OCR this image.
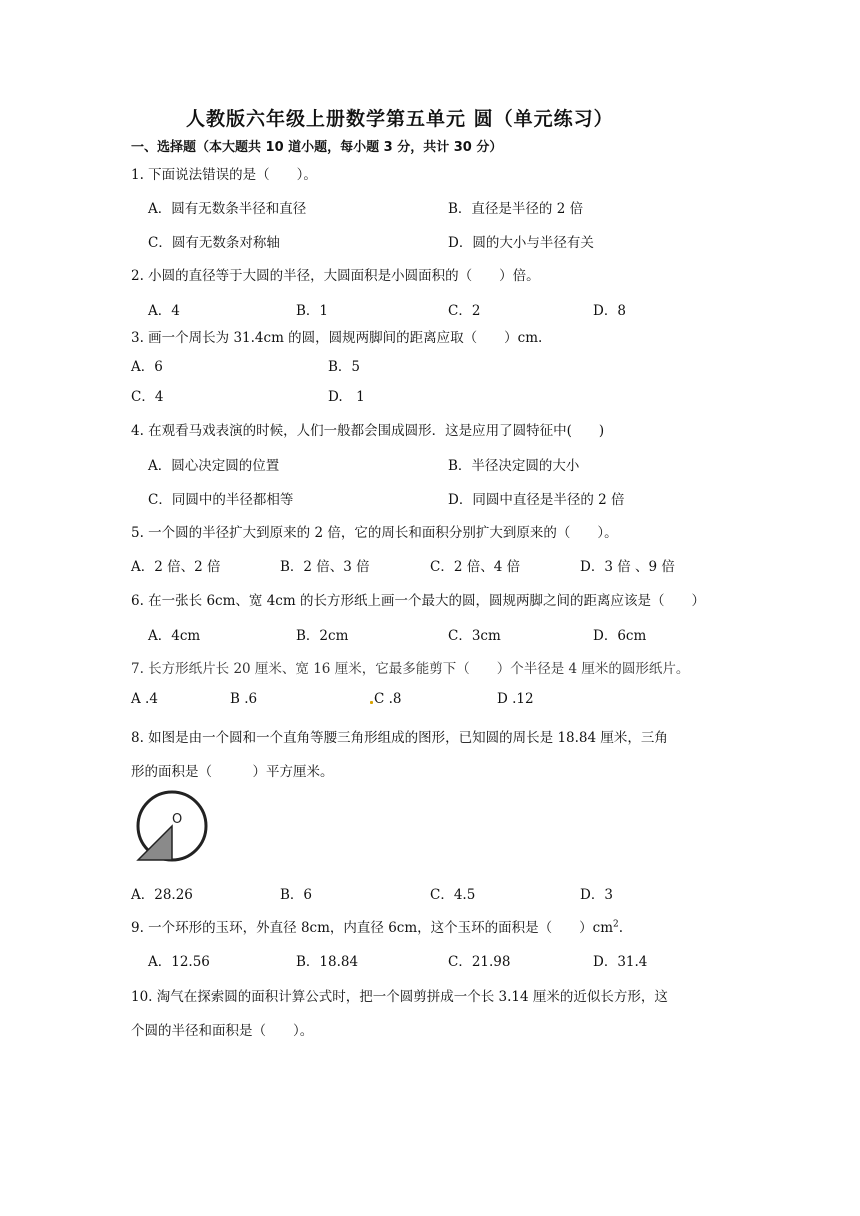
人教版六年级上册数学第五单元 圆（单元练习）
一、选择题（本大题共 10 道小题，每小题 3 分，共计 30 分）
1. 下面说法错误的是（　　）。
A．圆有无数条半径和直径	B．直径是半径的 2 倍
C．圆有无数条对称轴	D．圆的大小与半径有关
2. 小圆的直径等于大圆的半径，大圆面积是小圆面积的（　　）倍。
A．4	B．1	C．2	D．8
3. 画一个周长为 31.4cm 的圆，圆规两脚间的距离应取（　　）cm.
A．6	B．5
C．4	D.　1
4. 在观看马戏表演的时候，人们一般都会围成圆形．这是应用了圆特征中(　　)
A．圆心决定圆的位置	B．半径决定圆的大小
C．同圆中的半径都相等	D．同圆中直径是半径的 2 倍
5. 一个圆的半径扩大到原来的 2 倍，它的周长和面积分别扩大到原来的（　　）。
A．2 倍、2 倍	B．2 倍、3 倍	C．2 倍、4 倍	D．3 倍 、9 倍
6. 在一张长 6cm、宽 4cm 的长方形纸上画一个最大的圆，圆规两脚之间的距离应该是（　　）
A．4cm	B．2cm	C．3cm	D．6cm
7. 长方形纸片长 20 厘米、宽 16 厘米，它最多能剪下（　　）个半径是 4 厘米的圆形纸片。
A .4	B .6	C .8	D .12
8. 如图是由一个圆和一个直角等腰三角形组成的图形，已知圆的周长是 18.84 厘米，三角
形的面积是（　　　）平方厘米。
O
A．28.26	B．6	C．4.5	D．3
9. 一个环形的玉环，外直径 8cm，内直径 6cm，这个玉环的面积是（　　）$cm^2$.
A．12.56	B．18.84	C．21.98	D．31.4
10. 淘气在探索圆的面积计算公式时，把一个圆剪拼成一个长 3.14 厘米的近似长方形，这
个圆的半径和面积是（　　）。
